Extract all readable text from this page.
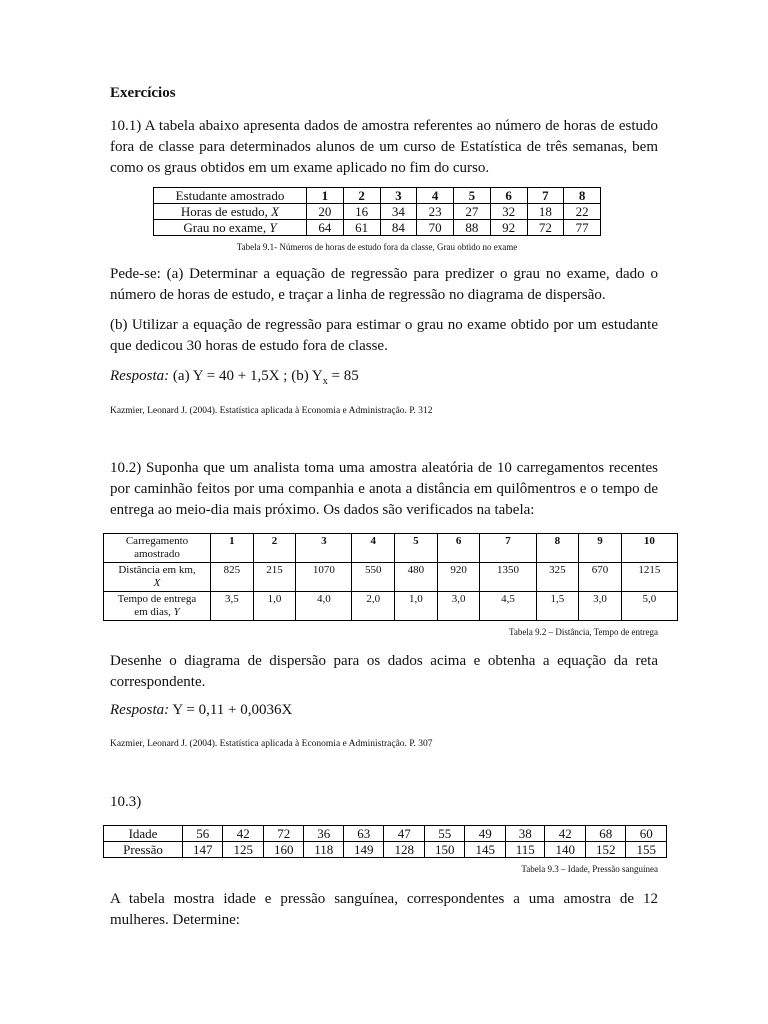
Exercícios

10.1) A tabela abaixo apresenta dados de amostra referentes ao número de horas de estudo fora de classe para determinados alunos de um curso de Estatística de três semanas, bem como os graus obtidos em um exame aplicado no fim do curso.

Estudante amostrado	1	2	3	4	5	6	7	8
Horas de estudo, X	20	16	34	23	27	32	18	22
Grau no exame, Y	64	61	84	70	88	92	72	77

Tabela 9.1- Números de horas de estudo fora da classe, Grau obtido no exame

Pede-se: (a) Determinar a equação de regressão para predizer o grau no exame, dado o número de horas de estudo, e traçar a linha de regressão no diagrama de dispersão.

(b) Utilizar a equação de regressão para estimar o grau no exame obtido por um estudante que dedicou 30 horas de estudo fora de classe.

Resposta: (a) Y = 40 + 1,5X ; (b) $Y_x = 85$

Kazmier, Leonard J. (2004). Estatística aplicada à Economia e Administração. P. 312

10.2) Suponha que um analista toma uma amostra aleatória de 10 carregamentos recentes por caminhão feitos por uma companhia e anota a distância em quilômentros e o tempo de entrega ao meio-dia mais próximo. Os dados são verificados na tabela:

Carregamento
amostrado	1	2	3	4	5	6	7	8	9	10
Distância em km,
X	825	215	1070	550	480	920	1350	325	670	1215
Tempo de entrega
em dias, Y	3,5	1,0	4,0	2,0	1,0	3,0	4,5	1,5	3,0	5,0

Tabela 9.2 – Distância, Tempo de entrega

Desenhe o diagrama de dispersão para os dados acima e obtenha a equação da reta correspondente.

Resposta: Y = 0,11 + 0,0036X

Kazmier, Leonard J. (2004). Estatística aplicada à Economia e Administração. P. 307

10.3)

Idade	56	42	72	36	63	47	55	49	38	42	68	60
Pressão	147	125	160	118	149	128	150	145	115	140	152	155

Tabela 9.3 – Idade, Pressão sanguínea

A tabela mostra idade e pressão sanguínea, correspondentes a uma amostra de 12 mulheres. Determine:
